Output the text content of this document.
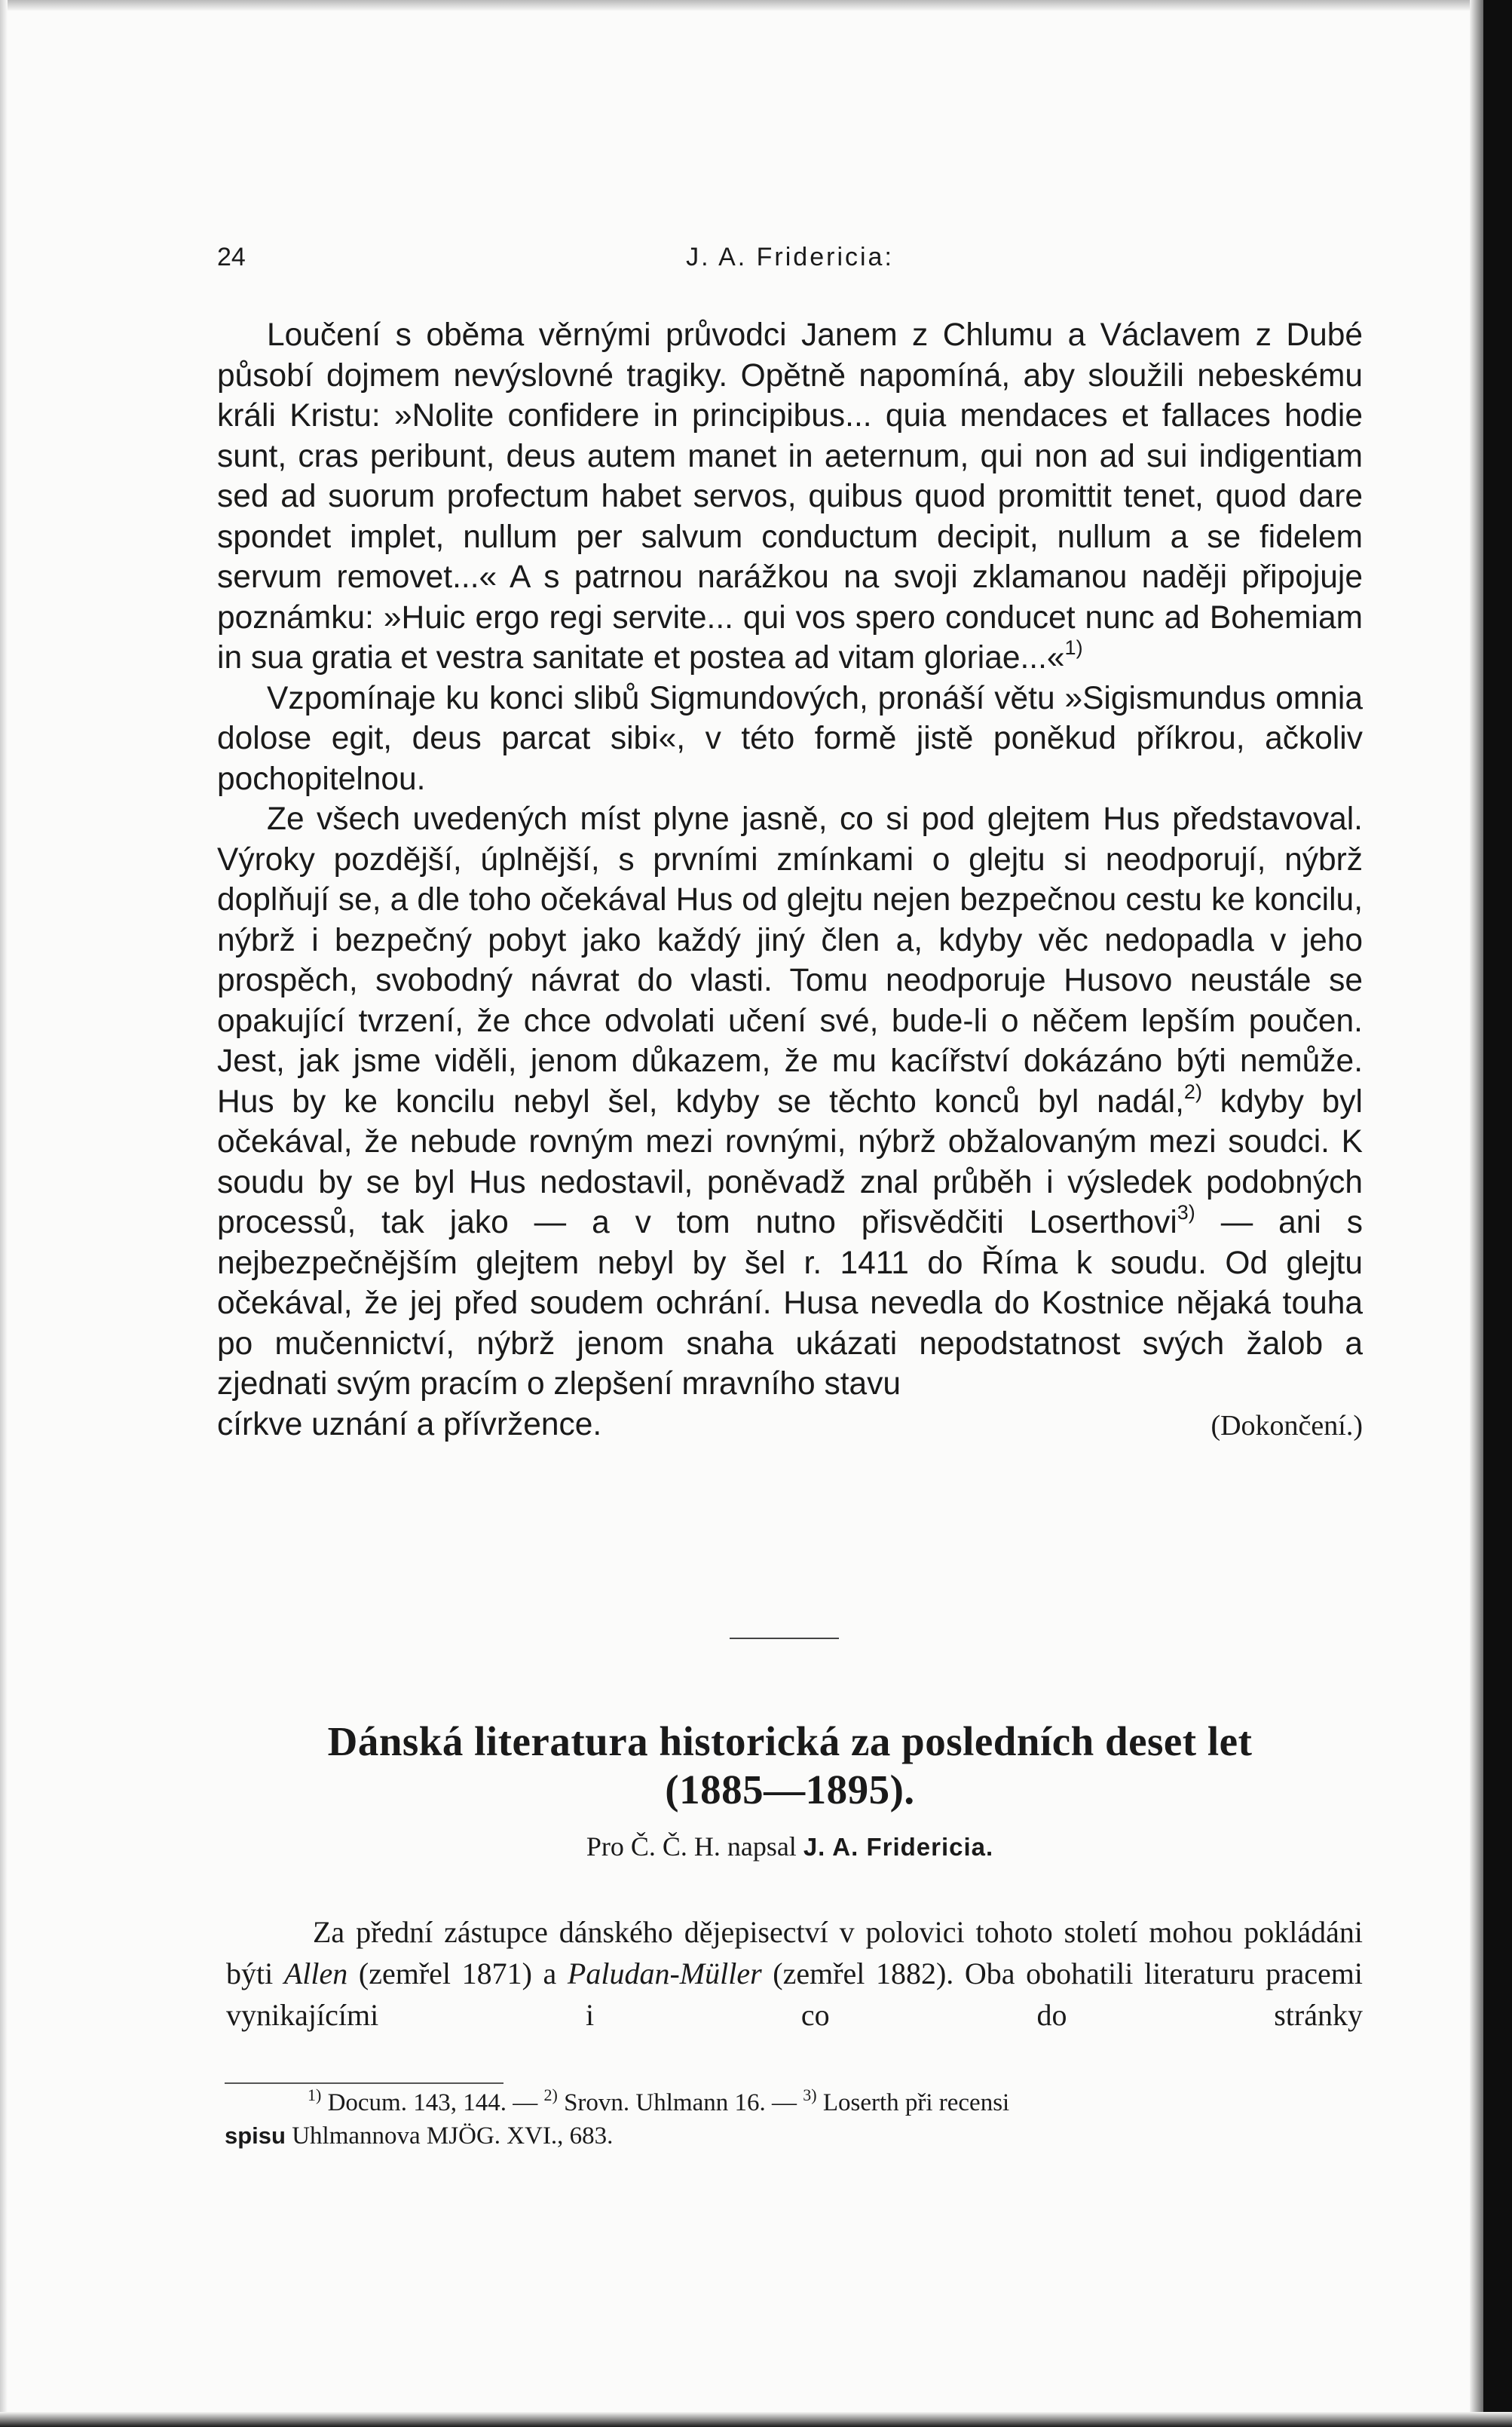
24	J. A. Fridericia:

Loučení s oběma věrnými průvodci Janem z Chlumu a Václavem z Dubé působí dojmem nevýslovné tragiky. Opětně napomíná, aby sloužili nebeskému králi Kristu: »Nolite confidere in principibus... quia mendaces et fallaces hodie sunt, cras peribunt, deus autem manet in aeternum, qui non ad sui indigentiam sed ad suorum profectum habet servos, quibus quod promittit tenet, quod dare spondet implet, nullum per salvum conductum decipit, nullum a se fidelem servum removet...« A s patrnou narážkou na svoji zklamanou naději připojuje poznámku: »Huic ergo regi servite... qui vos spero conducet nunc ad Bohemiam in sua gratia et vestra sanitate et postea ad vitam gloriae...«$^{1)}$

Vzpomínaje ku konci slibů Sigmundových, pronáší větu »Sigismundus omnia dolose egit, deus parcat sibi«, v této formě jistě poněkud příkrou, ačkoliv pochopitelnou.

Ze všech uvedených míst plyne jasně, co si pod glejtem Hus představoval. Výroky pozdější, úplnější, s prvními zmínkami o glejtu si neodporují, nýbrž doplňují se, a dle toho očekával Hus od glejtu nejen bezpečnou cestu ke koncilu, nýbrž i bezpečný pobyt jako každý jiný člen a, kdyby věc nedopadla v jeho prospěch, svobodný návrat do vlasti. Tomu neodporuje Husovo neustále se opakující tvrzení, že chce odvolati učení své, bude-li o něčem lepším poučen. Jest, jak jsme viděli, jenom důkazem, že mu kacířství dokázáno býti nemůže. Hus by ke koncilu nebyl šel, kdyby se těchto konců byl nadál,$^{2)}$ kdyby byl očekával, že nebude rovným mezi rovnými, nýbrž obžalovaným mezi soudci. K soudu by se byl Hus nedostavil, poněvadž znal průběh i výsledek podobných processů, tak jako — a v tom nutno přisvědčiti Loserthovi$^{3)}$ — ani s nejbezpečnějším glejtem nebyl by šel r. 1411 do Říma k soudu. Od glejtu očekával, že jej před soudem ochrání. Husa nevedla do Kostnice nějaká touha po mučennictví, nýbrž jenom snaha ukázati nepodstatnost svých žalob a zjednati svým pracím o zlepšení mravního stavu

církve uznání a přívržence.	(Dokončení.)
Dánská literatura historická za posledních deset let
(1885—1895).
Pro Č. Č. H. napsal J. A. Fridericia.

Za přední zástupce dánského dějepisectví v polovici tohoto století mohou pokládáni býti Allen (zemřel 1871) a Paludan-Müller (zemřel 1882). Oba obohatili literaturu pracemi vynikajícími i co do stránky

$^{1)}$ Docum. 143, 144. — $^{2)}$ Srovn. Uhlmann 16. — $^{3)}$ Loserth při recensi

spisu Uhlmannova MJÖG. XVI., 683.
